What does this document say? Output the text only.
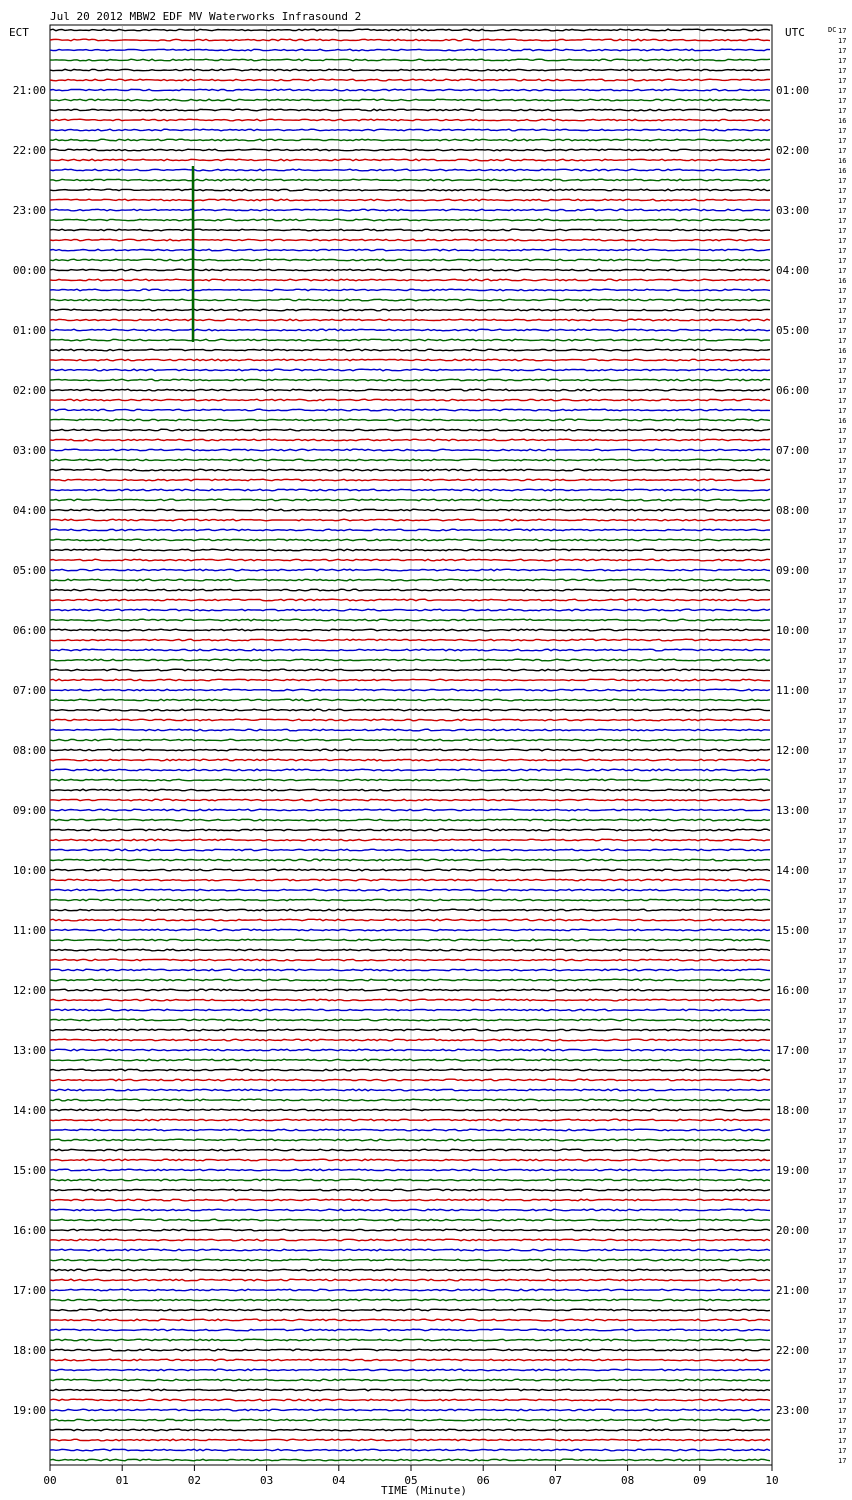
Jul 20 2012 MBW2 EDF MV Waterworks Infrasound 2
ECT	UTC	DC
21:00
22:00
23:00
00:00
01:00
02:00
03:00
04:00
05:00
06:00
07:00
08:00
09:00
10:00
11:00
12:00
13:00
14:00
15:00
16:00
17:00
18:00
19:00
01:00
02:00
03:00
04:00
05:00
06:00
07:00
08:00
09:00
10:00
11:00
12:00
13:00
14:00
15:00
16:00
17:00
18:00
19:00
20:00
21:00
22:00
23:00
17
17
17
17
17
17
17
17
17
16
17
17
17
16
16
17
17
17
17
17
17
17
17
17
17
16
17
17
17
17
17
17
16
17
17
17
17
17
17
16
17
17
17
17
17
17
17
17
17
17
17
17
17
17
17
17
17
17
17
17
17
17
17
17
17
17
17
17
17
17
17
17
17
17
17
17
17
17
17
17
17
17
17
17
17
17
17
17
17
17
17
17
17
17
17
17
17
17
17
17
17
17
17
17
17
17
17
17
17
17
17
17
17
17
17
17
17
17
17
17
17
17
17
17
17
17
17
17
17
17
17
17
17
17
17
17
17
17
17
17
17
17
17
17
00	01	02	03	04	05	06	07	08	09	10
TIME (Minute)
